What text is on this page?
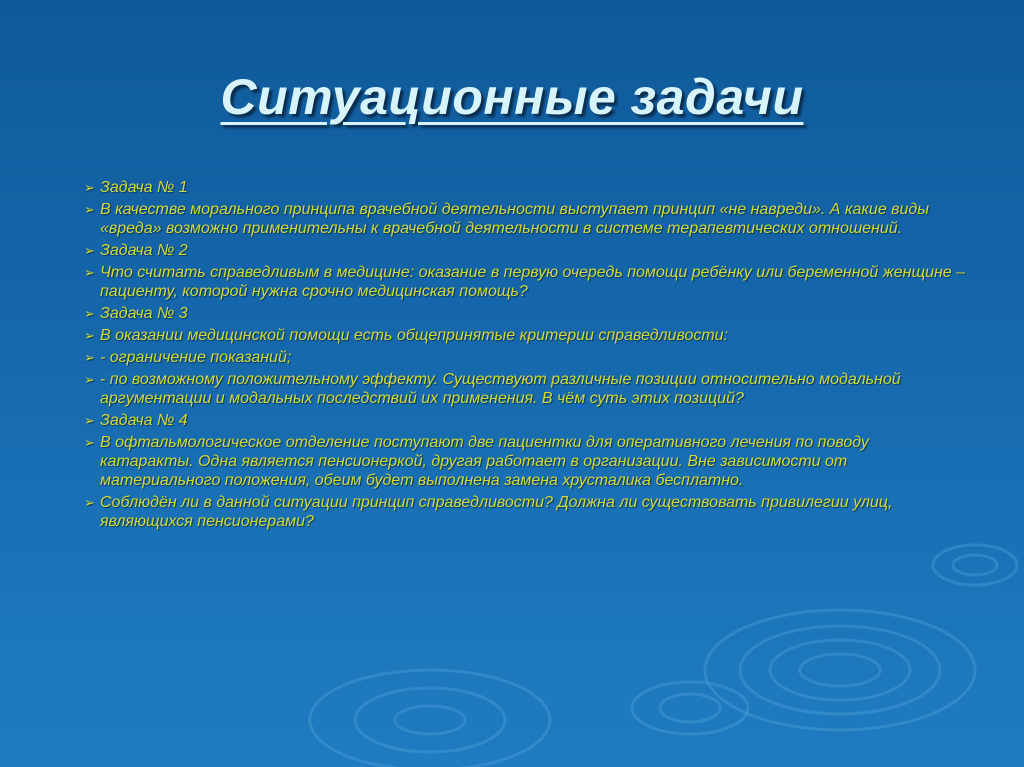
Ситуационные задачи
➢ Задача № 1
➢ В качестве морального принципа врачебной деятельности выступает принцип «не навреди». А какие виды «вреда» возможно применительны к врачебной деятельности в системе терапевтических отношений.
➢ Задача № 2
➢ Что считать справедливым в медицине: оказание в первую очередь помощи ребёнку или беременной женщине – пациенту, которой нужна срочно медицинская помощь?
➢ Задача № 3
➢ В оказании медицинской помощи есть общепринятые критерии справедливости:
➢ - ограничение показаний;
➢ - по возможному положительному эффекту. Существуют различные позиции относительно модальной аргументации и модальных последствий их применения. В чём суть этих позиций?
➢ Задача № 4
➢ В офтальмологическое отделение поступают две пациентки для оперативного лечения по поводу катаракты. Одна является пенсионеркой, другая работает в организации. Вне зависимости от материального положения, обеим будет выполнена замена хрусталика бесплатно.
➢ Соблюдён ли в данной ситуации принцип справедливости? Должна ли существовать привилегии улиц, являющихся пенсионерами?
